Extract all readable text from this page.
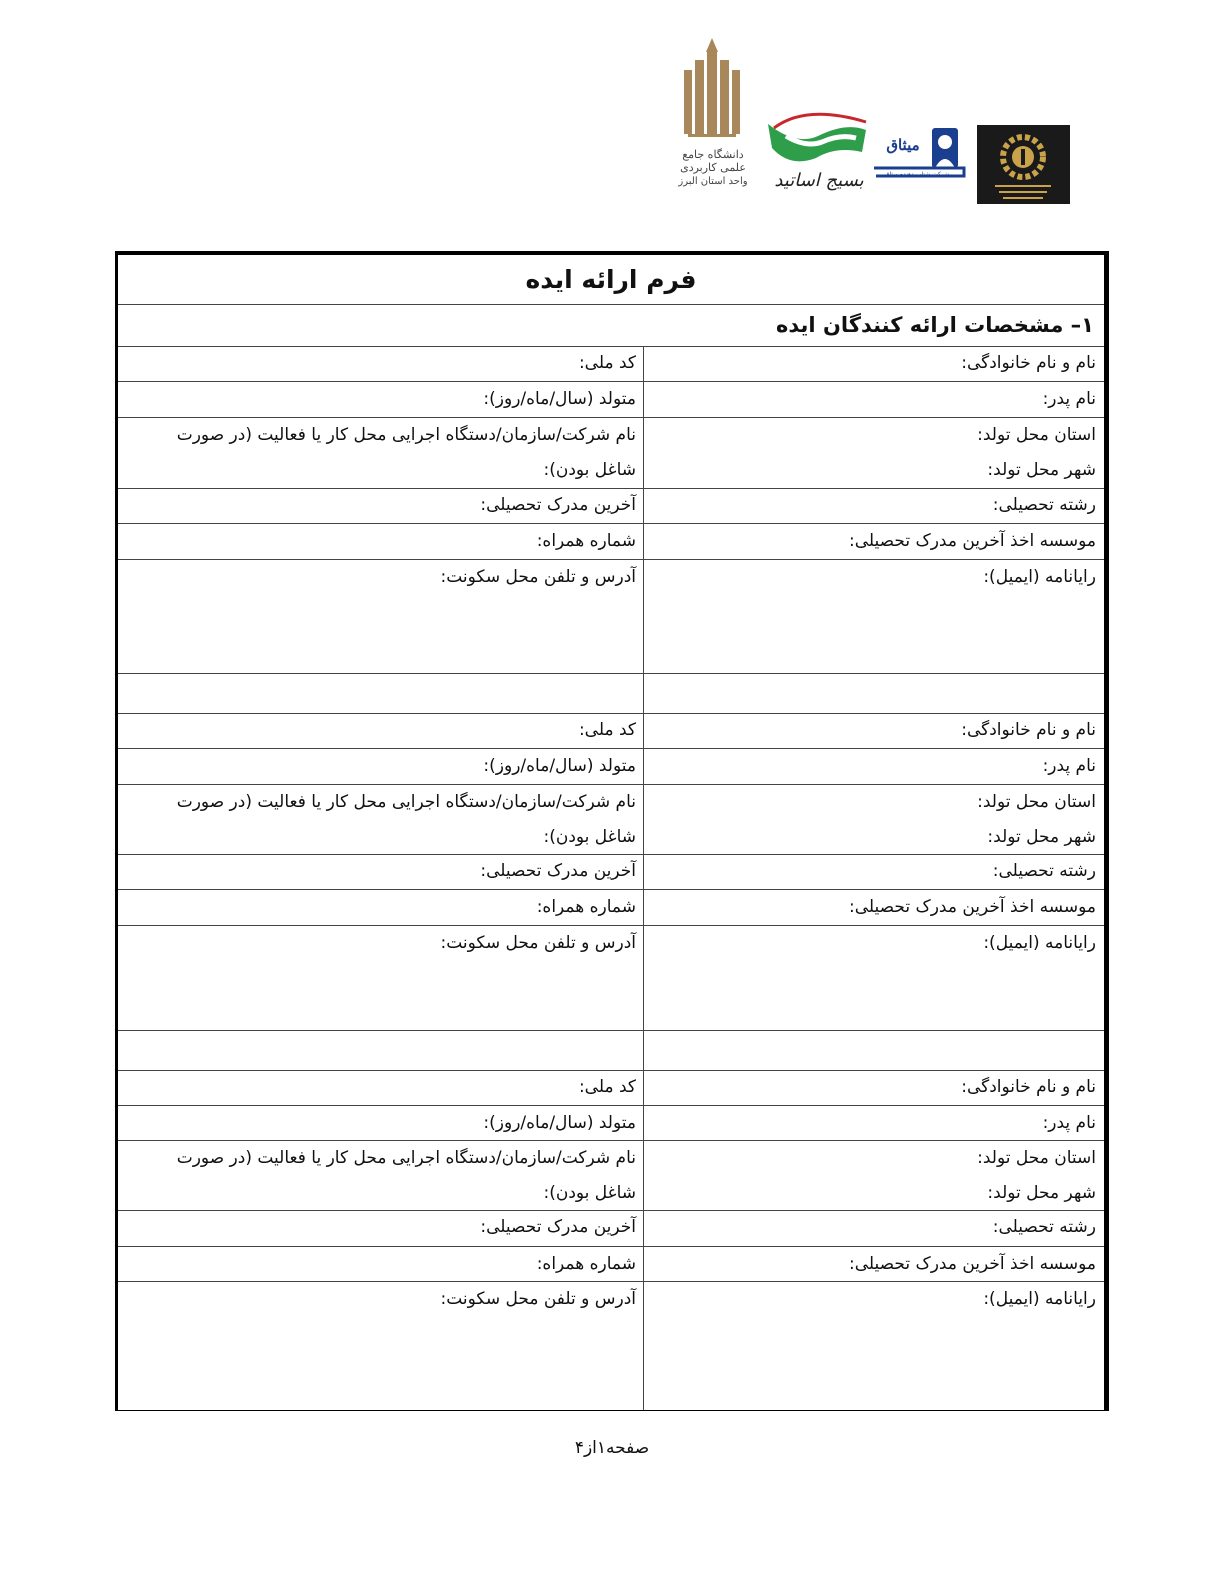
دانشگاه جامع علمی کاربردی
واحد استان البرز	بسیج اساتید
میثاق
شرکت شتاب دهنده میثاق
فرم ارائه ایده
۱– مشخصات ارائه کنندگان ایده
نام و نام خانوادگی:
کد ملی:
نام پدر:
متولد (سال/ماه/روز):
استان محل تولد:
شهر محل تولد:
نام شرکت/سازمان/دستگاه اجرایی محل کار یا فعالیت (در صورت
شاغل بودن):
رشته تحصیلی:
آخرین مدرک تحصیلی:
موسسه اخذ آخرین مدرک تحصیلی:
شماره همراه:
رایانامه (ایمیل):
آدرس و تلفن محل سکونت:
نام و نام خانوادگی:
کد ملی:
نام پدر:
متولد (سال/ماه/روز):
استان محل تولد:
شهر محل تولد:
نام شرکت/سازمان/دستگاه اجرایی محل کار یا فعالیت (در صورت
شاغل بودن):
رشته تحصیلی:
آخرین مدرک تحصیلی:
موسسه اخذ آخرین مدرک تحصیلی:
شماره همراه:
رایانامه (ایمیل):
آدرس و تلفن محل سکونت:
نام و نام خانوادگی:
کد ملی:
نام پدر:
متولد (سال/ماه/روز):
استان محل تولد:
شهر محل تولد:
نام شرکت/سازمان/دستگاه اجرایی محل کار یا فعالیت (در صورت
شاغل بودن):
رشته تحصیلی:
آخرین مدرک تحصیلی:
موسسه اخذ آخرین مدرک تحصیلی:
شماره همراه:
رایانامه (ایمیل):
آدرس و تلفن محل سکونت:
صفحه۱از۴
